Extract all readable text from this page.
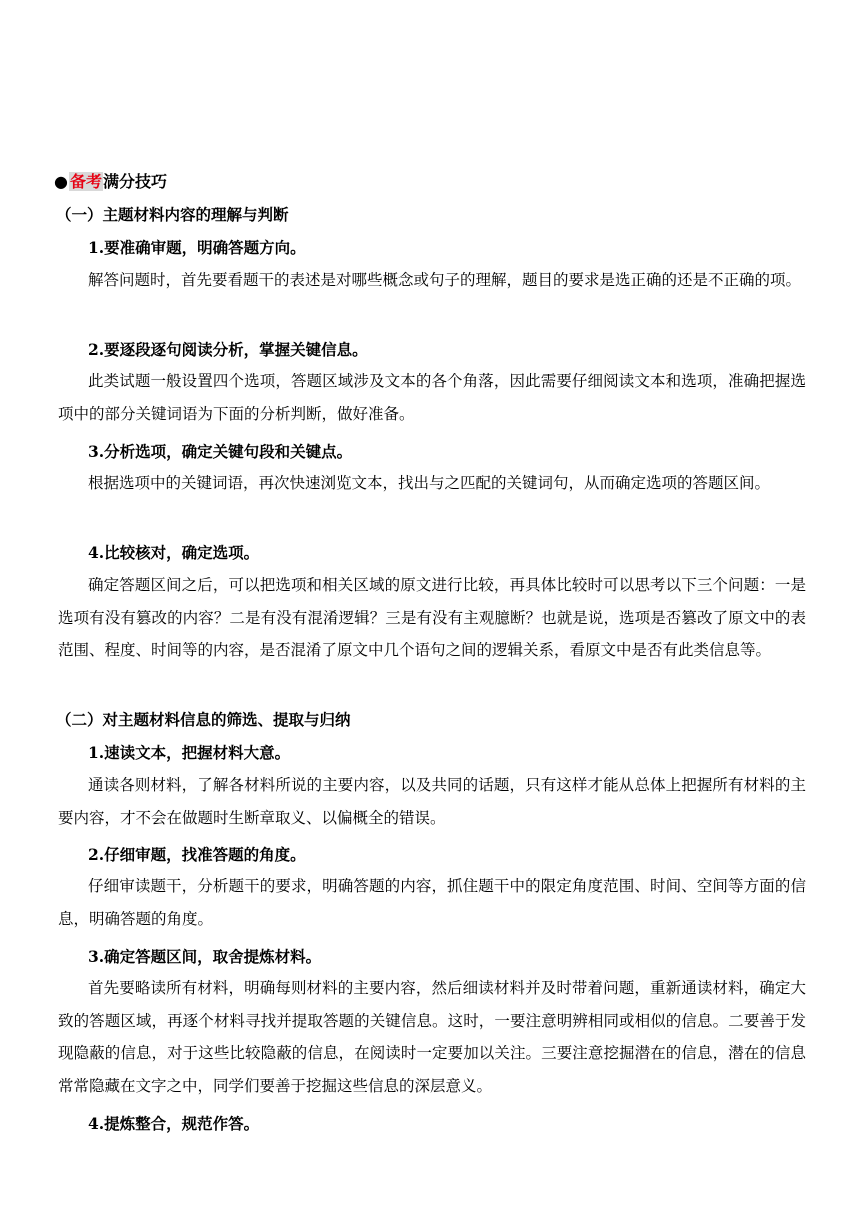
● 备考满分技巧
（一）主题材料内容的理解与判断
1.要准确审题，明确答题方向。
解答问题时，首先要看题干的表述是对哪些概念或句子的理解，题目的要求是选正确的还是不正确的项。
2.要逐段逐句阅读分析，掌握关键信息。
此类试题一般设置四个选项，答题区域涉及文本的各个角落，因此需要仔细阅读文本和选项，准确把握选项中的部分关键词语为下面的分析判断，做好准备。
3.分析选项，确定关键句段和关键点。
根据选项中的关键词语，再次快速浏览文本，找出与之匹配的关键词句，从而确定选项的答题区间。
4.比较核对，确定选项。
确定答题区间之后，可以把选项和相关区域的原文进行比较，再具体比较时可以思考以下三个问题：一是选项有没有篡改的内容？二是有没有混淆逻辑？三是有没有主观臆断？也就是说，选项是否篡改了原文中的表范围、程度、时间等的内容，是否混淆了原文中几个语句之间的逻辑关系，看原文中是否有此类信息等。
（二）对主题材料信息的筛选、提取与归纳
1.速读文本，把握材料大意。
通读各则材料，了解各材料所说的主要内容，以及共同的话题，只有这样才能从总体上把握所有材料的主要内容，才不会在做题时生断章取义、以偏概全的错误。
2.仔细审题，找准答题的角度。
仔细审读题干，分析题干的要求，明确答题的内容，抓住题干中的限定角度范围、时间、空间等方面的信息，明确答题的角度。
3.确定答题区间，取舍提炼材料。
首先要略读所有材料，明确每则材料的主要内容，然后细读材料并及时带着问题，重新通读材料，确定大致的答题区域，再逐个材料寻找并提取答题的关键信息。这时，一要注意明辨相同或相似的信息。二要善于发现隐蔽的信息，对于这些比较隐蔽的信息，在阅读时一定要加以关注。三要注意挖掘潜在的信息，潜在的信息常常隐藏在文字之中，同学们要善于挖掘这些信息的深层意义。
4.提炼整合，规范作答。
